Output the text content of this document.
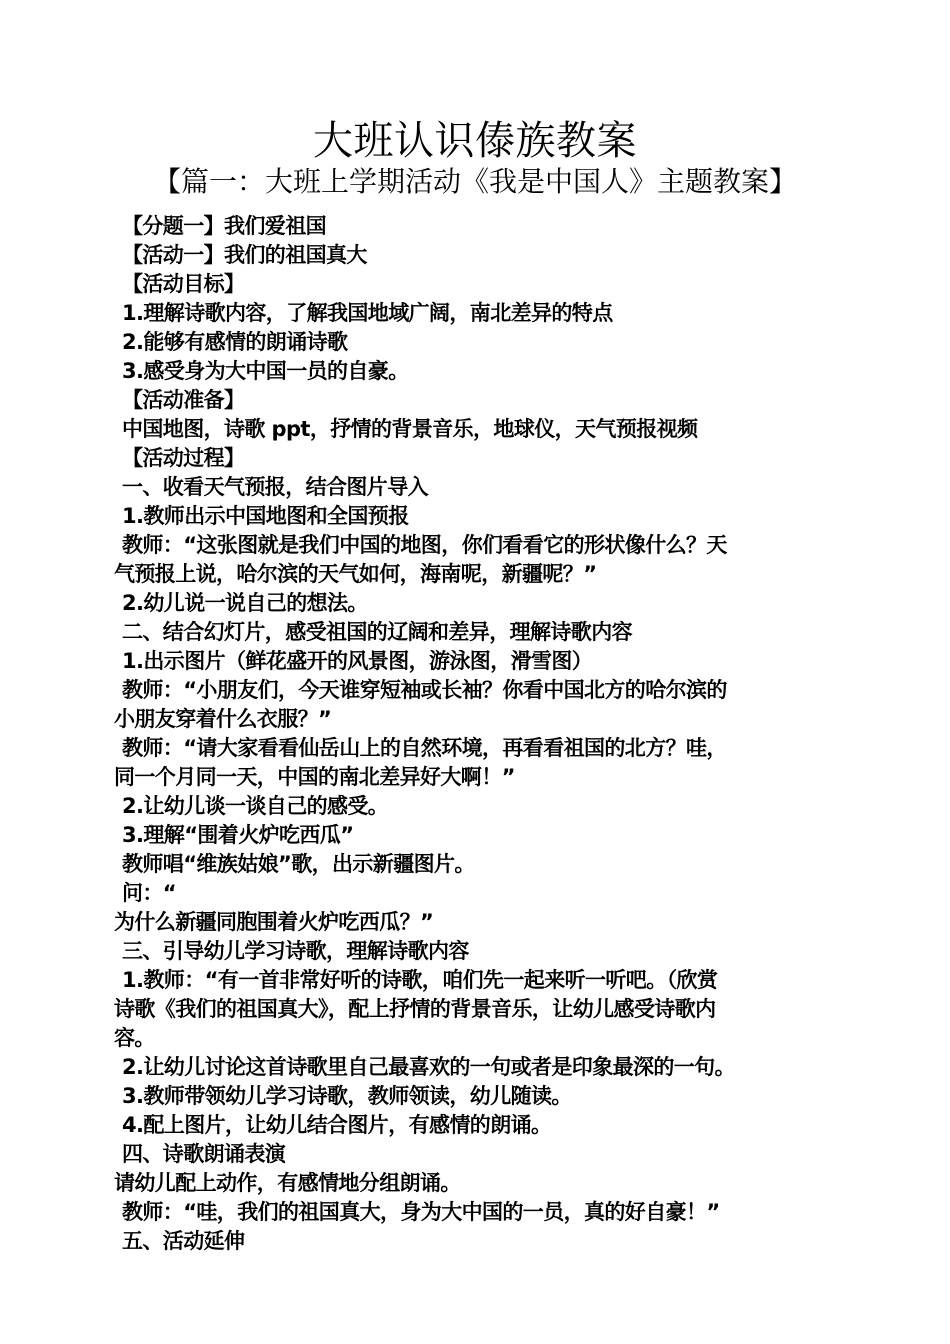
大班认识傣族教案
【篇一：大班上学期活动《我是中国人》主题教案】
【分题一】我们爱祖国
【活动一】我们的祖国真大
【活动目标】
1.理解诗歌内容，了解我国地域广阔，南北差异的特点
2.能够有感情的朗诵诗歌
3.感受身为大中国一员的自豪。
【活动准备】
中国地图，诗歌 ppt，抒情的背景音乐，地球仪，天气预报视频
【活动过程】
一、收看天气预报，结合图片导入
1.教师出示中国地图和全国预报
教师：“这张图就是我们中国的地图，你们看看它的形状像什么？天
气预报上说，哈尔滨的天气如何，海南呢，新疆呢？”
2.幼儿说一说自己的想法。
二、结合幻灯片，感受祖国的辽阔和差异，理解诗歌内容
1.出示图片（鲜花盛开的风景图，游泳图，滑雪图）
教师：“小朋友们，今天谁穿短袖或长袖？你看中国北方的哈尔滨的
小朋友穿着什么衣服？”
教师：“请大家看看仙岳山上的自然环境，再看看祖国的北方？哇，
同一个月同一天，中国的南北差异好大啊！”
2.让幼儿谈一谈自己的感受。
3.理解“围着火炉吃西瓜”
教师唱“维族姑娘”歌，出示新疆图片。
问：“
为什么新疆同胞围着火炉吃西瓜？”
三、引导幼儿学习诗歌，理解诗歌内容
1.教师：“有一首非常好听的诗歌，咱们先一起来听一听吧。（欣赏
诗歌《我们的祖国真大》，配上抒情的背景音乐，让幼儿感受诗歌内
容。
2.让幼儿讨论这首诗歌里自己最喜欢的一句或者是印象最深的一句。
3.教师带领幼儿学习诗歌，教师领读，幼儿随读。
4.配上图片，让幼儿结合图片，有感情的朗诵。
四、诗歌朗诵表演
请幼儿配上动作，有感情地分组朗诵。
教师：“哇，我们的祖国真大，身为大中国的一员，真的好自豪！”
五、活动延伸
